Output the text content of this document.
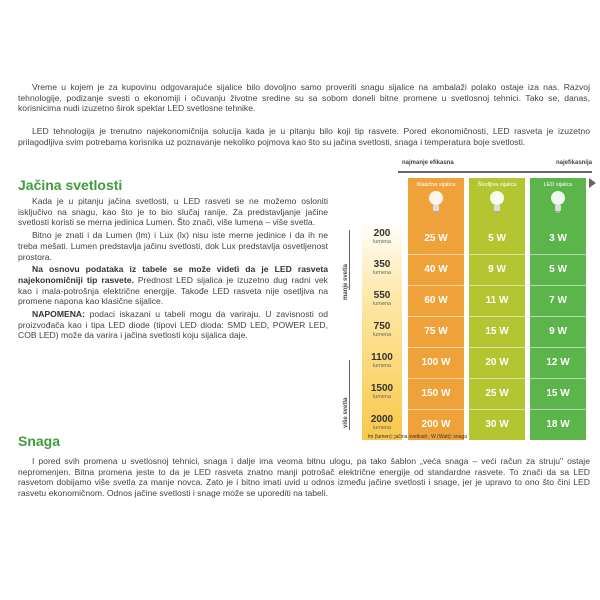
Vreme u kojem je za kupovinu odgovarajuće sijalice bilo dovoljno samo proveriti snagu sijalice na ambalaži polako ostaje iza nas. Razvoj tehnologije, podizanje svesti o ekonomiji i očuvanju životne sredine su sa sobom doneli bitne promene u svetlosnoj tehnici. Tako se, danas, korisnicima nudi izuzetno širok spektar LED svetlosne tehnike.

LED tehnologija je trenutno najekonomičnija solucija kada je u pitanju bilo koji tip rasvete. Pored ekonomičnosti, LED rasveta je izuzetno prilagodljiva svim potrebama korisnika uz poznavanje nekoliko pojmova kao što su jačina svetlosti, snaga i temperatura boje svetlosti.

Jačina svetlosti

Kada je u pitanju jačina svetlosti, u LED rasveti se ne možemo osloniti isključivo na snagu, kao što je to bio slučaj ranije. Za predstavljanje jačine svetlosti koristi se merna jedinica Lumen. Što znači, više lumena – više svetla.

Bitno je znati i da Lumen (lm) i Lux (lx) nisu iste merne jedinice i da ih ne treba mešati. Lumen predstavlja jačinu svetlosti, dok Lux predstavlja osvetljenost prostora.

Na osnovu podataka iz tabele se može videti da je LED rasveta najekonomičniji tip rasvete. Prednost LED sijalica je izuzetno dug radni vek kao i mala-potrošnja električne energije. Takođe LED rasveta nije osetljiva na promene napona kao klasične sijalice.

NAPOMENA: podaci iskazani u tabeli mogu da variraju. U zavisnosti od proizvođača kao i tipa LED diode (tipovi LED dioda: SMD LED, POWER LED, COB LED) može da varira i jačina svetlosti koju sijalica daje.

najmanje efikasna	najefikasnija
manje svetla
više svetla
200
lumena
350
lumena
550
lumena
750
lumena
1100
lumena
1500
lumena
2000
lumena
Klasična sijalica
25 W
40 W
60 W
75 W
100 W
150 W
200 W
Štedljiva sijalica
5 W
9 W
11 W
15 W
20 W
25 W
30 W
LED sijalica
3 W
5 W
7 W
9 W
12 W
15 W
18 W
lm (lumen): jačina svetlosti ; W (Watt): snaga
Snaga

I pored svih promena u svetlosnoj tehnici, snaga i dalje ima veoma bitnu ulogu, pa tako šablon „veća snaga – veći račun za struju" ostaje nepromenjen. Bitna promena jeste to da je LED rasveta znatno manji potrošač električne energije od standardne rasvete. To znači da sa LED rasvetom dobijamo više svetla za manje novca. Zato je i bitno imati uvid u odnos između jačine svetlosti i snage, jer je upravo to ono što čini LED rasvetu ekonomičnom. Odnos jačine svetlosti i snage može se uporediti na tabeli.
